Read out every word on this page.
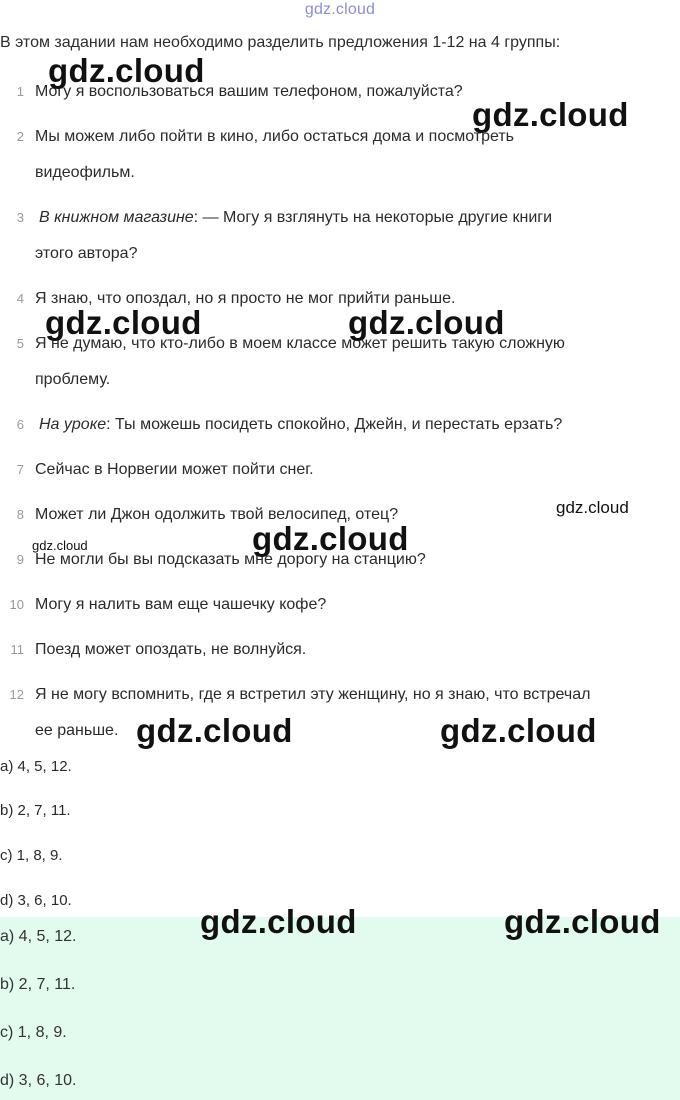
gdz.cloud
В этом задании нам необходимо разделить предложения 1-12 на 4 группы:
1 Могу я воспользоваться вашим телефоном, пожалуйста?
2 Мы можем либо пойти в кино, либо остаться дома и посмотреть
видеофильм.
3 В книжном магазине: — Могу я взглянуть на некоторые другие книги
этого автора?
4 Я знаю, что опоздал, но я просто не мог прийти раньше.
5 Я не думаю, что кто-либо в моем классе может решить такую сложную
проблему.
6 На уроке: Ты можешь посидеть спокойно, Джейн, и перестать ерзать?
7 Сейчас в Норвегии может пойти снег.
8 Может ли Джон одолжить твой велосипед, отец?
9 Не могли бы вы подсказать мне дорогу на станцию?
10 Могу я налить вам еще чашечку кофе?
11 Поезд может опоздать, не волнуйся.
12 Я не могу вспомнить, где я встретил эту женщину, но я знаю, что встречал
ее раньше.
a) 4, 5, 12.
b) 2, 7, 11.
c) 1, 8, 9.
d) 3, 6, 10.
a) 4, 5, 12.
b) 2, 7, 11.
c) 1, 8, 9.
d) 3, 6, 10.
gdz.cloud
gdz.cloud
gdz.cloud	gdz.cloud
gdz.cloud
gdz.cloud	gdz.cloud
gdz.cloud	gdz.cloud
gdz.cloud	gdz.cloud
